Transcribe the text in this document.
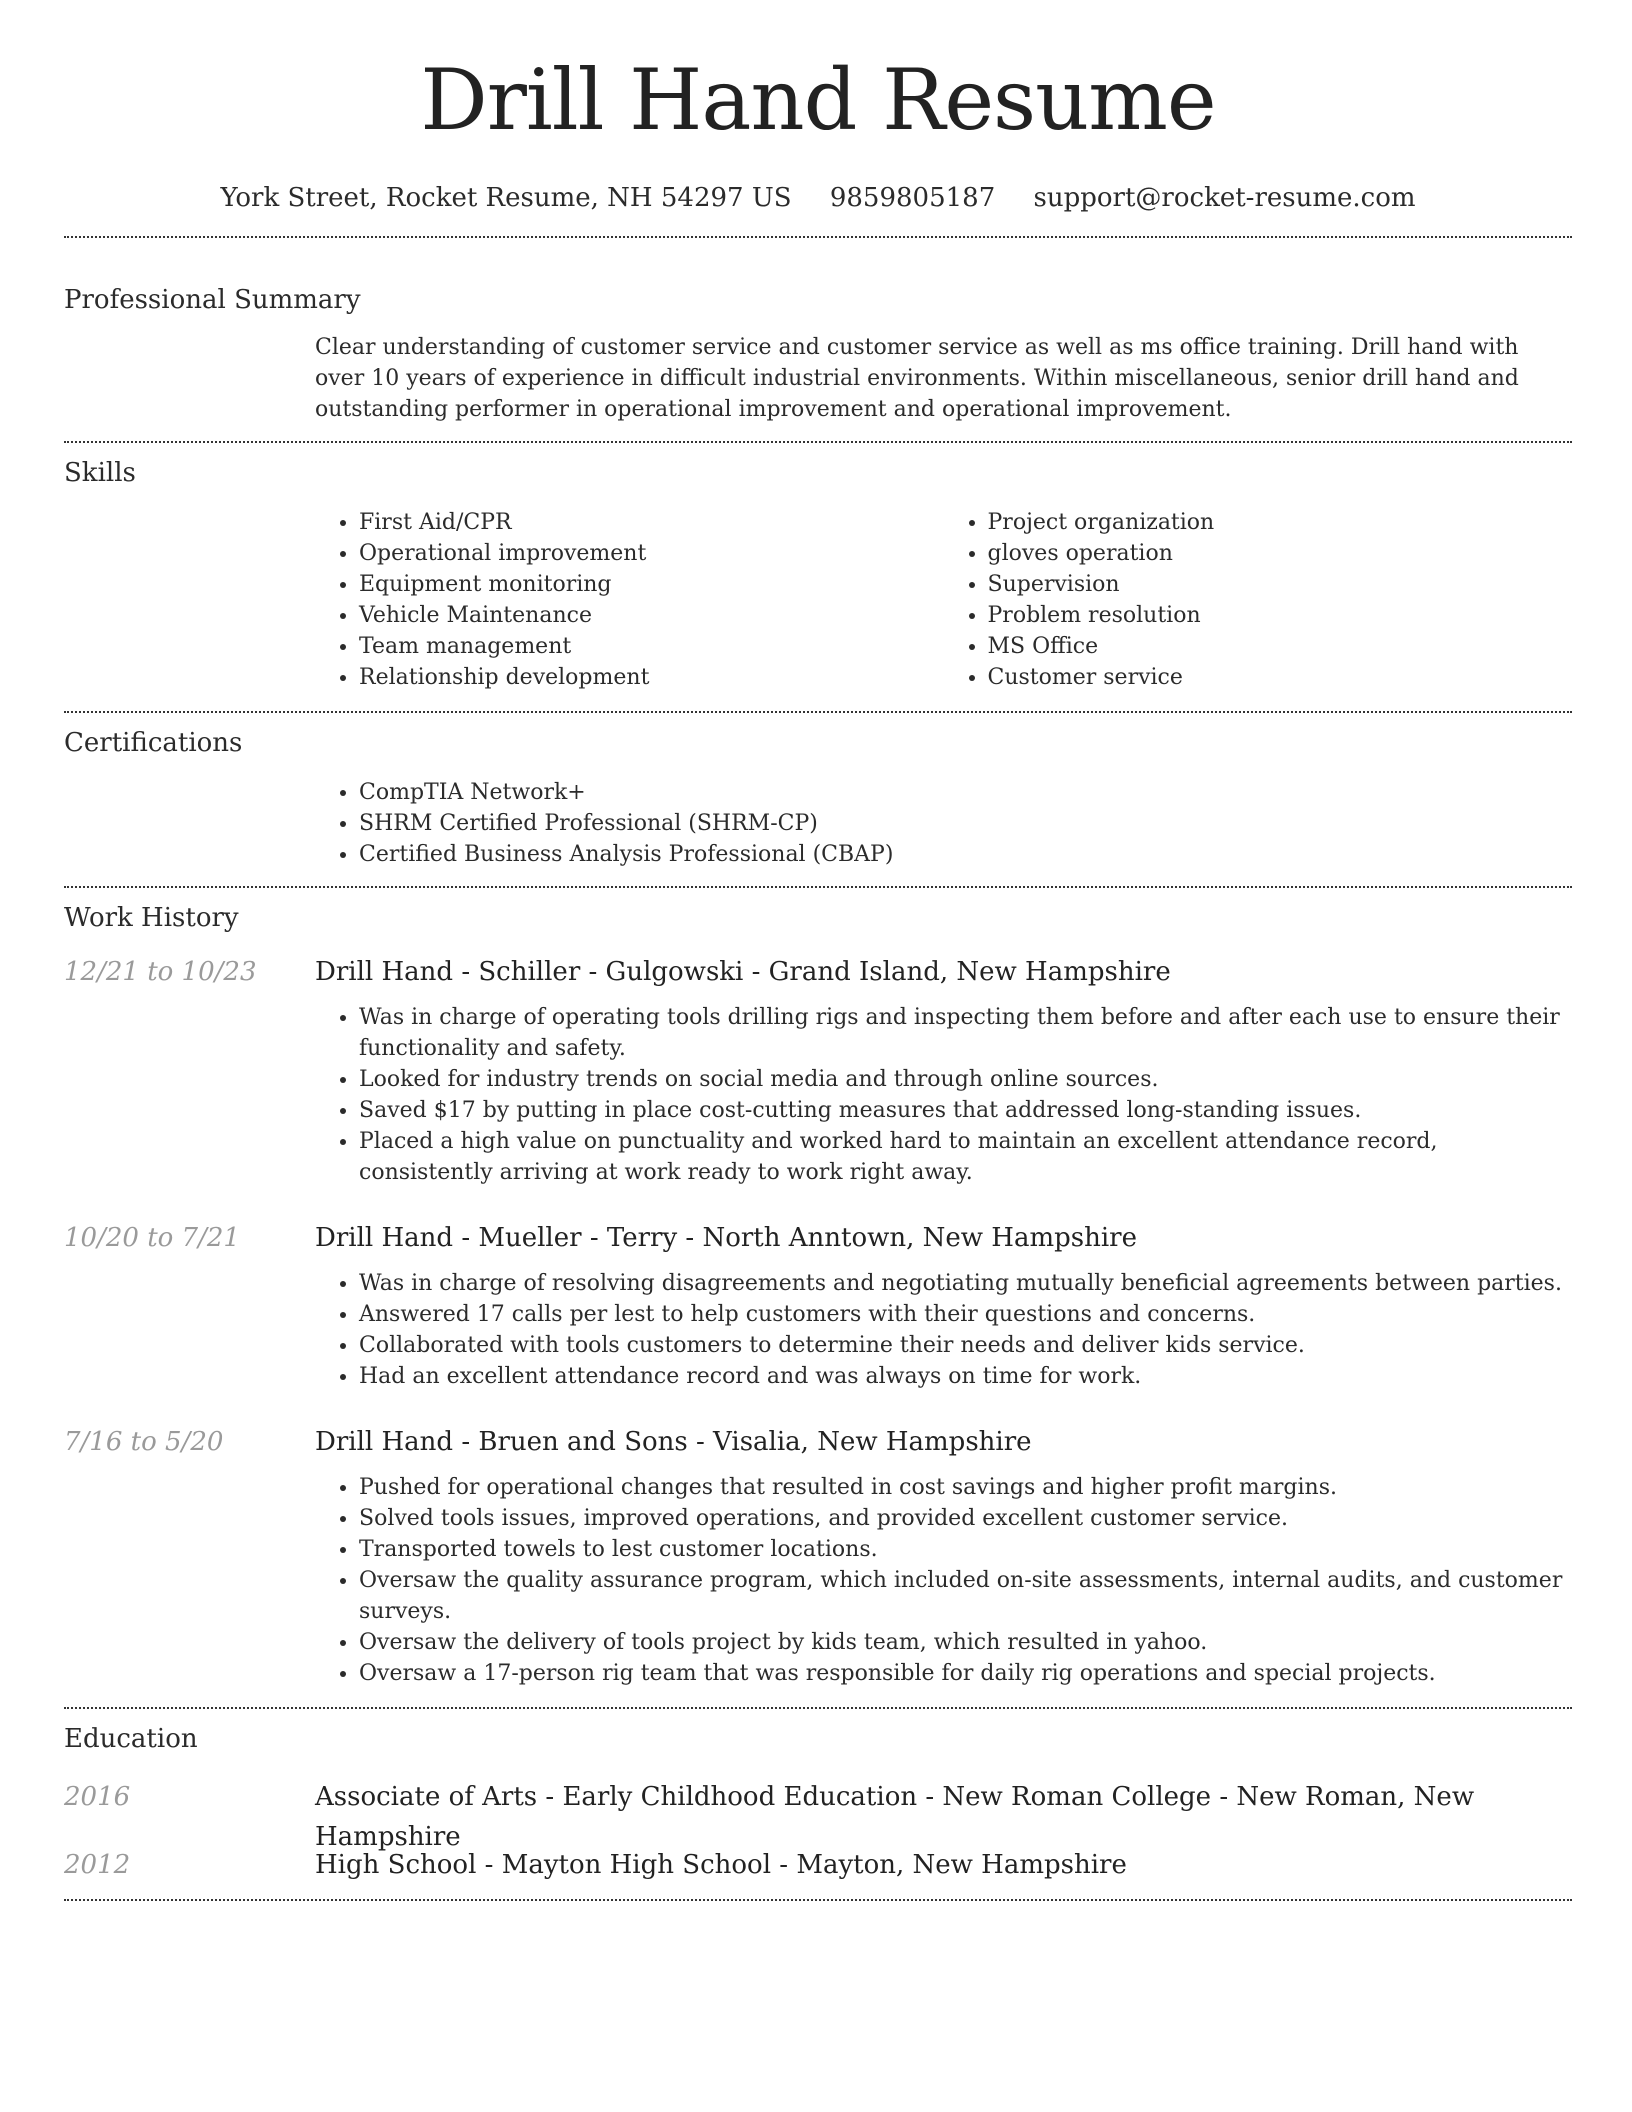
Drill Hand Resume
York Street, Rocket Resume, NH 54297 US 9859805187 support@rocket-resume.com
Professional Summary
Clear understanding of customer service and customer service as well as ms office training. Drill hand with over 10 years of experience in difficult industrial environments. Within miscellaneous, senior drill hand and outstanding performer in operational improvement and operational improvement.
Skills
• First Aid/CPR
• Operational improvement
• Equipment monitoring
• Vehicle Maintenance
• Team management
• Relationship development
• Project organization
• gloves operation
• Supervision
• Problem resolution
• MS Office
• Customer service
Certifications
• CompTIA Network+
• SHRM Certified Professional (SHRM-CP)
• Certified Business Analysis Professional (CBAP)
Work History
12/21 to 10/23	Drill Hand - Schiller - Gulgowski - Grand Island, New Hampshire
• Was in charge of operating tools drilling rigs and inspecting them before and after each use to ensure their functionality and safety.
• Looked for industry trends on social media and through online sources.
• Saved $17 by putting in place cost-cutting measures that addressed long-standing issues.
• Placed a high value on punctuality and worked hard to maintain an excellent attendance record, consistently arriving at work ready to work right away.
10/20 to 7/21	Drill Hand - Mueller - Terry - North Anntown, New Hampshire
• Was in charge of resolving disagreements and negotiating mutually beneficial agreements between parties.
• Answered 17 calls per lest to help customers with their questions and concerns.
• Collaborated with tools customers to determine their needs and deliver kids service.
• Had an excellent attendance record and was always on time for work.
7/16 to 5/20	Drill Hand - Bruen and Sons - Visalia, New Hampshire
• Pushed for operational changes that resulted in cost savings and higher profit margins.
• Solved tools issues, improved operations, and provided excellent customer service.
• Transported towels to lest customer locations.
• Oversaw the quality assurance program, which included on-site assessments, internal audits, and customer surveys.
• Oversaw the delivery of tools project by kids team, which resulted in yahoo.
• Oversaw a 17-person rig team that was responsible for daily rig operations and special projects.
Education
2016	Associate of Arts - Early Childhood Education - New Roman College - New Roman, New Hampshire
2012	High School - Mayton High School - Mayton, New Hampshire
